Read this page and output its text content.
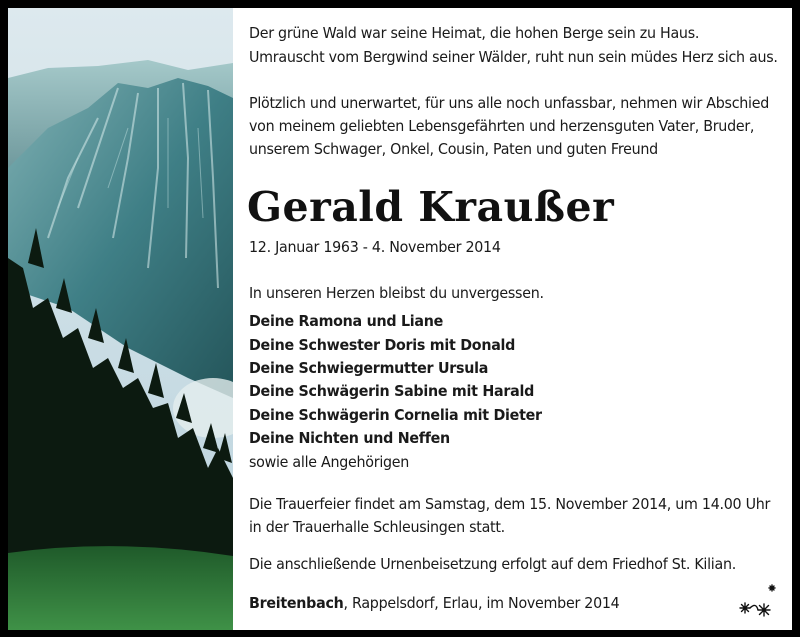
Der grüne Wald war seine Heimat, die hohen Berge sein zu Haus.
Umrauscht vom Bergwind seiner Wälder, ruht nun sein müdes Herz sich aus.
Plötzlich und unerwartet, für uns alle noch unfassbar, nehmen wir Abschied
von meinem geliebten Lebensgefährten und herzensguten Vater, Bruder,
unserem Schwager, Onkel, Cousin, Paten und guten Freund
Gerald Kraußer
12. Januar 1963 - 4. November 2014
In unseren Herzen bleibst du unvergessen.
Deine Ramona und Liane
Deine Schwester Doris mit Donald
Deine Schwiegermutter Ursula
Deine Schwägerin Sabine mit Harald
Deine Schwägerin Cornelia mit Dieter
Deine Nichten und Neffen
sowie alle Angehörigen
Die Trauerfeier findet am Samstag, dem 15. November 2014, um 14.00 Uhr
in der Trauerhalle Schleusingen statt.
Die anschließende Urnenbeisetzung erfolgt auf dem Friedhof St. Kilian.
Breitenbach, Rappelsdorf, Erlau, im November 2014
